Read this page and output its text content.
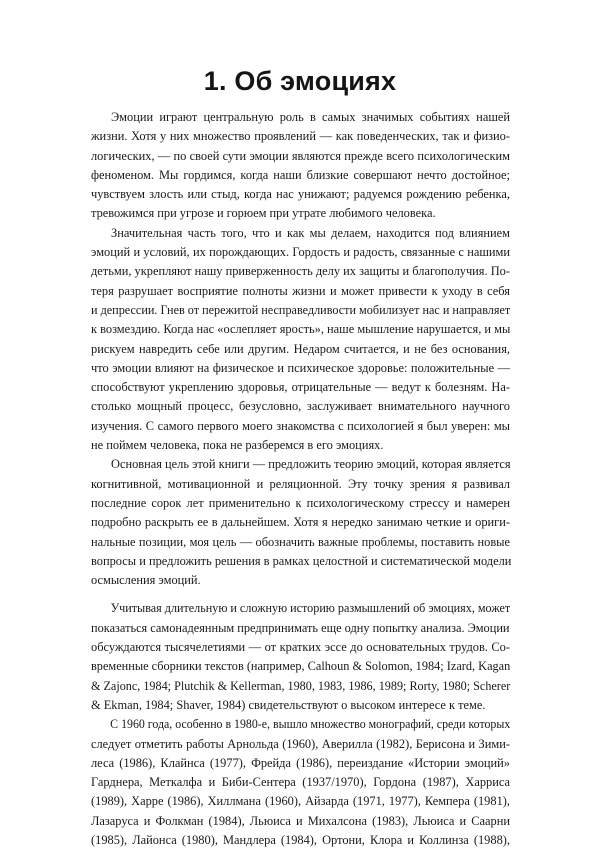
1. Об эмоциях

Эмоции играют центральную роль в самых значимых событиях нашей
жизни. Хотя у них множество проявлений — как поведенческих, так и физио-
логических, — по своей сути эмоции являются прежде всего психологическим
феноменом. Мы гордимся, когда наши близкие совершают нечто достойное;
чувствуем злость или стыд, когда нас унижают; радуемся рождению ребенка,
тревожимся при угрозе и горюем при утрате любимого человека.

Значительная часть того, что и как мы делаем, находится под влиянием
эмоций и условий, их порождающих. Гордость и радость, связанные с нашими
детьми, укрепляют нашу приверженность делу их защиты и благополучия. По-
теря разрушает восприятие полноты жизни и может привести к уходу в себя
и депрессии. Гнев от пережитой несправедливости мобилизует нас и направляет
к возмездию. Когда нас «ослепляет ярость», наше мышление нарушается, и мы
рискуем навредить себе или другим. Недаром считается, и не без основания,
что эмоции влияют на физическое и психическое здоровье: положительные —
способствуют укреплению здоровья, отрицательные — ведут к болезням. На-
столько мощный процесс, безусловно, заслуживает внимательного научного
изучения. С самого первого моего знакомства с психологией я был уверен: мы
не поймем человека, пока не разберемся в его эмоциях.

Основная цель этой книги — предложить теорию эмоций, которая является
когнитивной, мотивационной и реляционной. Эту точку зрения я развивал
последние сорок лет применительно к психологическому стрессу и намерен
подробно раскрыть ее в дальнейшем. Хотя я нередко занимаю четкие и ориги-
нальные позиции, моя цель — обозначить важные проблемы, поставить новые
вопросы и предложить решения в рамках целостной и систематической модели
осмысления эмоций.

Учитывая длительную и сложную историю размышлений об эмоциях, может
показаться самонадеянным предпринимать еще одну попытку анализа. Эмоции
обсуждаются тысячелетиями — от кратких эссе до основательных трудов. Со-
временные сборники текстов (например, Calhoun & Solomon, 1984; Izard, Kagan
& Zajonc, 1984; Plutchik & Kellerman, 1980, 1983, 1986, 1989; Rorty, 1980; Scherer
& Ekman, 1984; Shaver, 1984) свидетельствуют о высоком интересе к теме.

С 1960 года, особенно в 1980-е, вышло множество монографий, среди которых
следует отметить работы Арнольда (1960), Аверилла (1982), Берисона и Зими-
леса (1986), Клайнса (1977), Фрейда (1986), переиздание «Истории эмоций»
Гарднера, Меткалфа и Биби-Сентера (1937/1970), Гордона (1987), Харриса
(1989), Харре (1986), Хиллмана (1960), Айзарда (1971, 1977), Кемпера (1981),
Лазаруса и Фолкман (1984), Льюиса и Михалсона (1983), Льюиса и Саарни
(1985), Лайонса (1980), Мандлера (1984), Ортони, Клора и Коллинза (1988),
